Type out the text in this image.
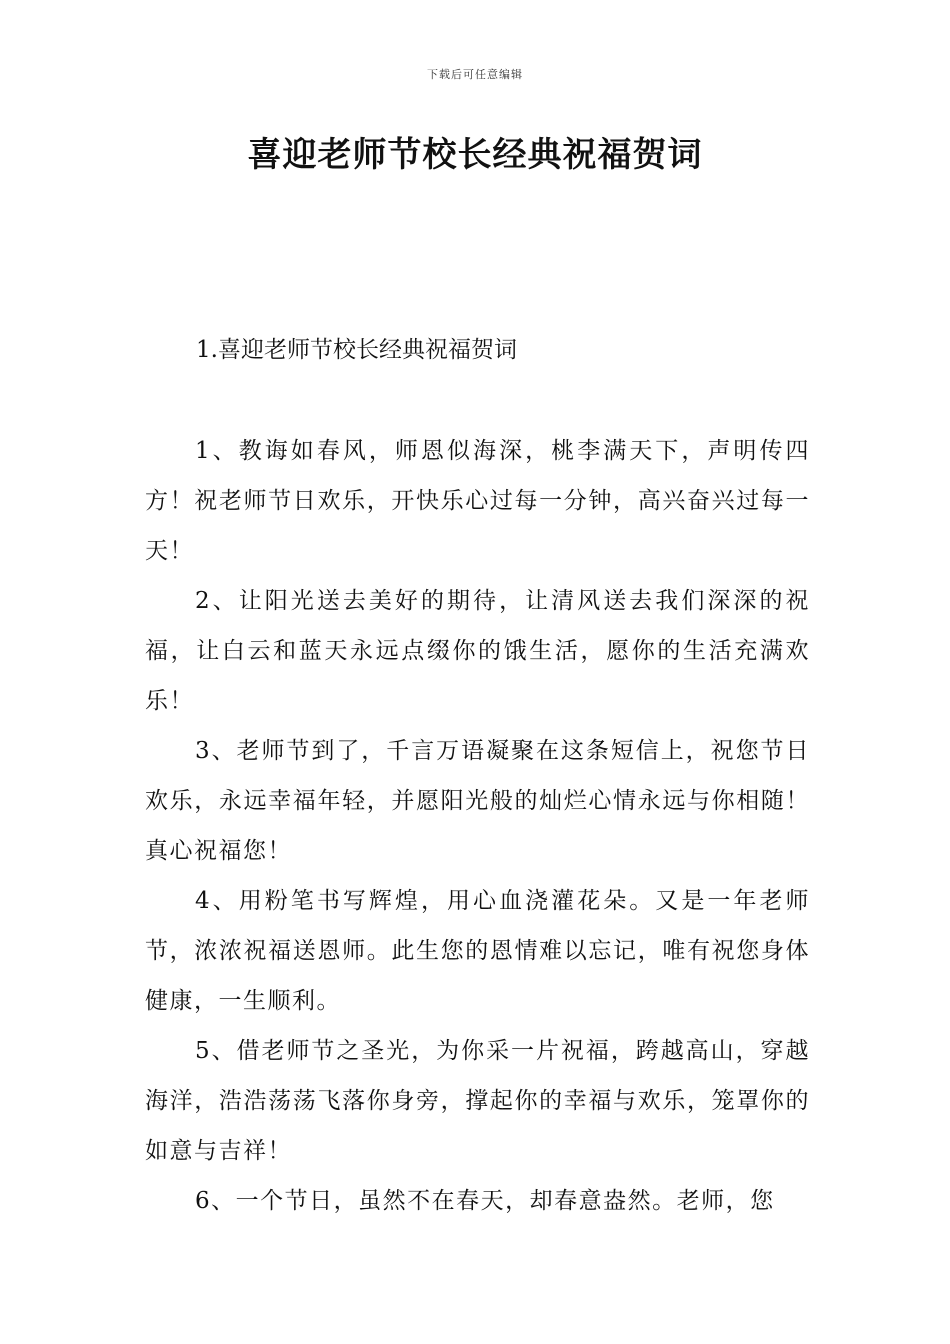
下载后可任意编辑
喜迎老师节校长经典祝福贺词
1.喜迎老师节校长经典祝福贺词

1、教诲如春风，师恩似海深，桃李满天下，声明传四方！祝老师节日欢乐，开快乐心过每一分钟，高兴奋兴过每一天！

2、让阳光送去美好的期待，让清风送去我们深深的祝福，让白云和蓝天永远点缀你的饿生活，愿你的生活充满欢乐！

3、老师节到了，千言万语凝聚在这条短信上，祝您节日欢乐，永远幸福年轻，并愿阳光般的灿烂心情永远与你相随！真心祝福您！

4、用粉笔书写辉煌，用心血浇灌花朵。又是一年老师节，浓浓祝福送恩师。此生您的恩情难以忘记，唯有祝您身体健康，一生顺利。

5、借老师节之圣光，为你采一片祝福，跨越高山，穿越海洋，浩浩荡荡飞落你身旁，撑起你的幸福与欢乐，笼罩你的如意与吉祥！

6、一个节日，虽然不在春天，却春意盎然。老师，您
